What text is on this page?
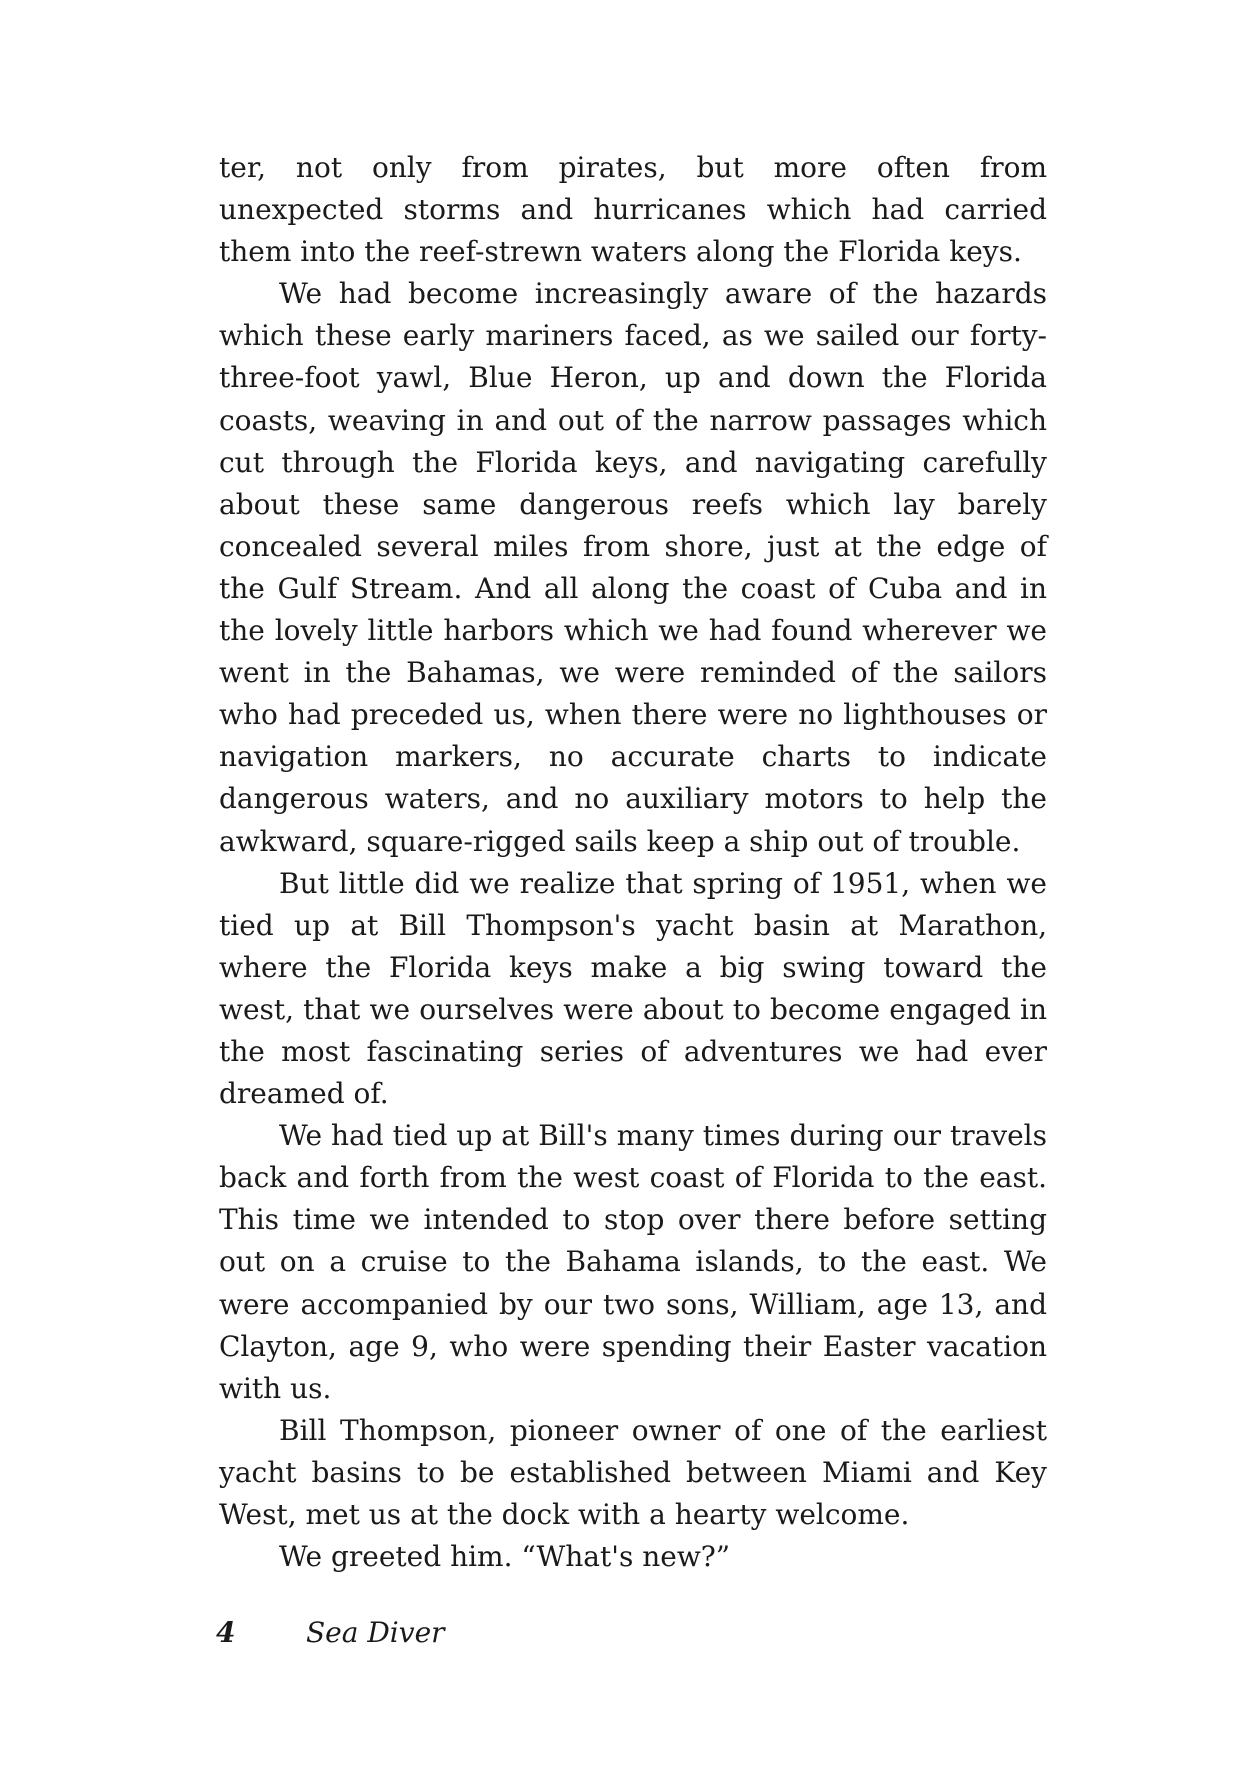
ter, not only from pirates, but more often from unexpected storms and hurricanes which had carried them into the reef-strewn waters along the Florida keys.

We had become increasingly aware of the hazards which these early mariners faced, as we sailed our forty-three-foot yawl, Blue Heron, up and down the Florida coasts, weaving in and out of the narrow passages which cut through the Florida keys, and navigating carefully about these same dangerous reefs which lay barely concealed several miles from shore, just at the edge of the Gulf Stream. And all along the coast of Cuba and in the lovely little harbors which we had found wherever we went in the Bahamas, we were reminded of the sailors who had preceded us, when there were no lighthouses or navigation markers, no accurate charts to indicate dangerous waters, and no auxiliary motors to help the awkward, square-rigged sails keep a ship out of trouble.

But little did we realize that spring of 1951, when we tied up at Bill Thompson's yacht basin at Marathon, where the Florida keys make a big swing toward the west, that we ourselves were about to become engaged in the most fascinating series of adventures we had ever dreamed of.

We had tied up at Bill's many times during our travels back and forth from the west coast of Florida to the east. This time we intended to stop over there before setting out on a cruise to the Bahama islands, to the east. We were accompanied by our two sons, William, age 13, and Clayton, age 9, who were spending their Easter vacation with us.

Bill Thompson, pioneer owner of one of the earliest yacht basins to be established between Miami and Key West, met us at the dock with a hearty welcome.

We greeted him. “What's new?”

4	Sea Diver
